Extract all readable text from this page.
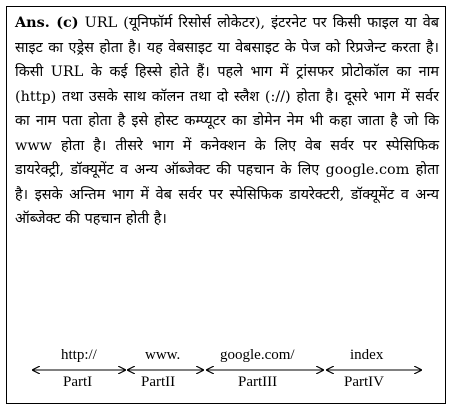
Ans. (c) URL (यूनिफॉर्म रिसोर्स लोकेटर), इंटरनेट पर किसी फाइल या वेब साइट का एड्रेस होता है। यह वेबसाइट या वेबसाइट के पेज को रिप्रजेन्ट करता है। किसी URL के कई हिस्से होते हैं। पहले भाग में ट्रांसफर प्रोटोकॉल का नाम (http) तथा उसके साथ कॉलन तथा दो स्लैश (://) होता है। दूसरे भाग में सर्वर का नाम पता होता है इसे होस्ट कम्प्यूटर का डोमेन नेम भी कहा जाता है जो कि www होता है। तीसरे भाग में कनेक्शन के लिए वेब सर्वर पर स्पेसिफिक डायरेक्ट्री, डॉक्यूमेंट व अन्य ऑब्जेक्ट की पहचान के लिए google.com होता है। इसके अन्तिम भाग में वेब सर्वर पर स्पेसिफिक डायरेक्टरी, डॉक्यूमेंट व अन्य ऑब्जेक्ट की पहचान होती है।

http://
PartI
www.
PartII
google.com/
PartIII
index
PartIV
